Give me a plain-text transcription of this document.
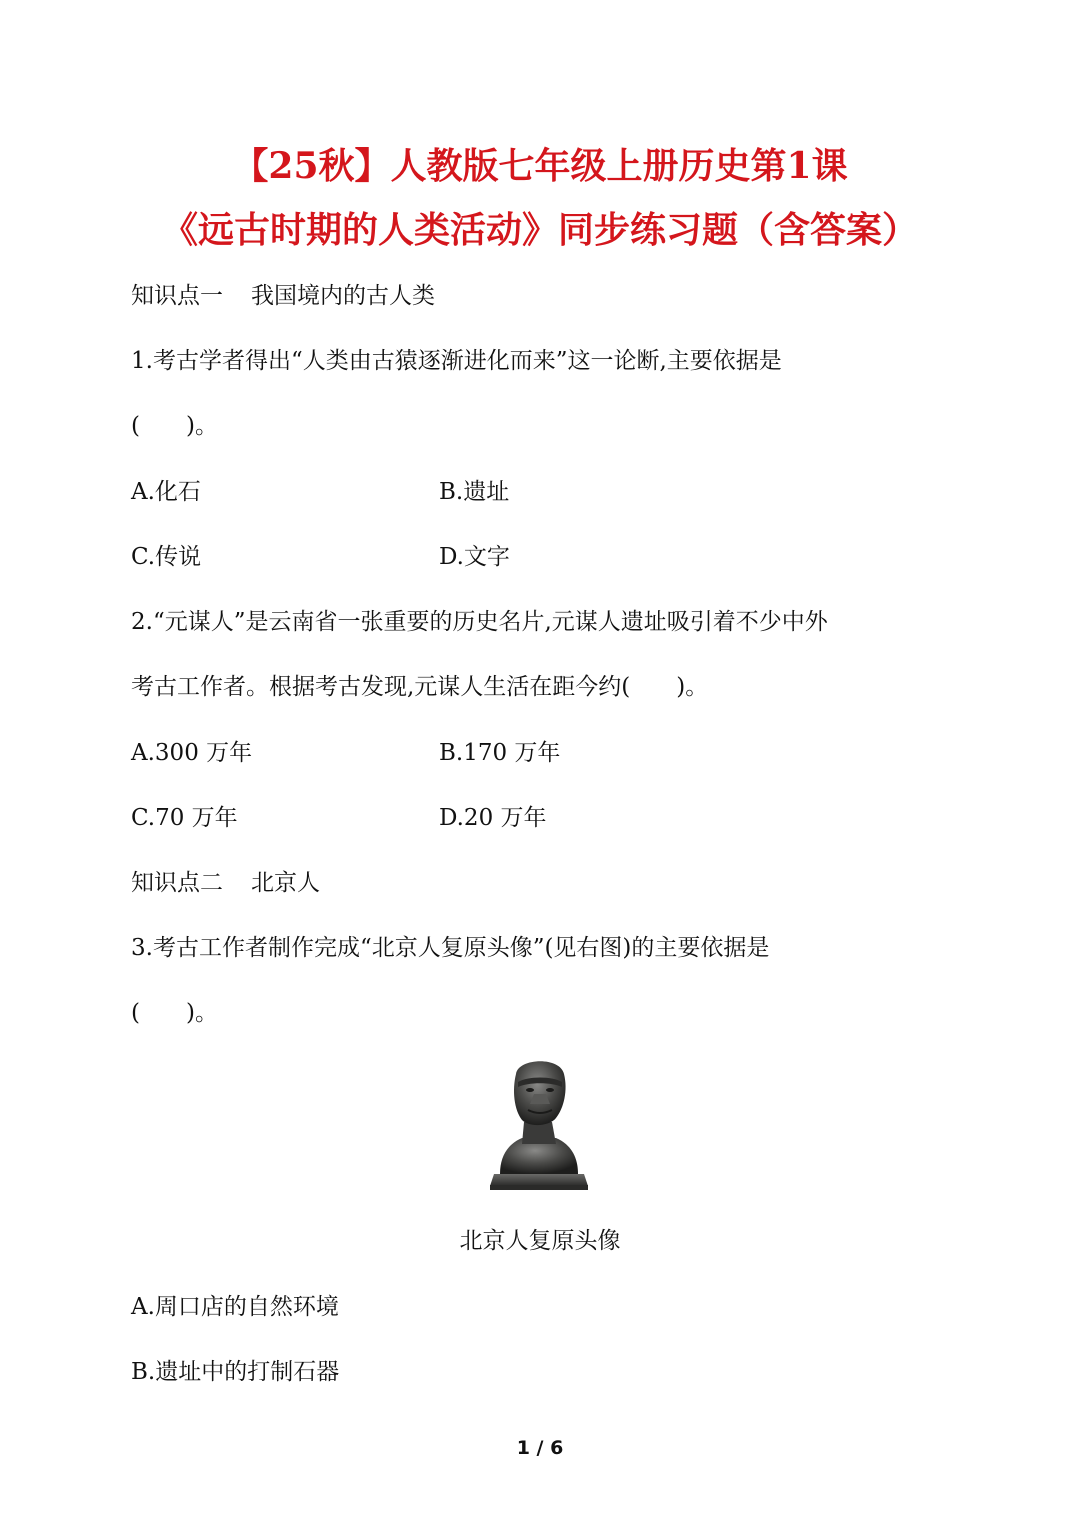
【25秋】人教版七年级上册历史第1课
《远古时期的人类活动》同步练习题（含答案）
知识点一 我国境内的古人类
1.考古学者得出“人类由古猿逐渐进化而来”这一论断,主要依据是
(　　)。
A.化石	B.遗址
C.传说	D.文字
2.“元谋人”是云南省一张重要的历史名片,元谋人遗址吸引着不少中外
考古工作者。根据考古发现,元谋人生活在距今约(　　)。
A.300 万年	B.170 万年
C.70 万年	D.20 万年
知识点二 北京人
3.考古工作者制作完成“北京人复原头像”(见右图)的主要依据是
(　　)。
北京人复原头像
A.周口店的自然环境
B.遗址中的打制石器
1 / 6
